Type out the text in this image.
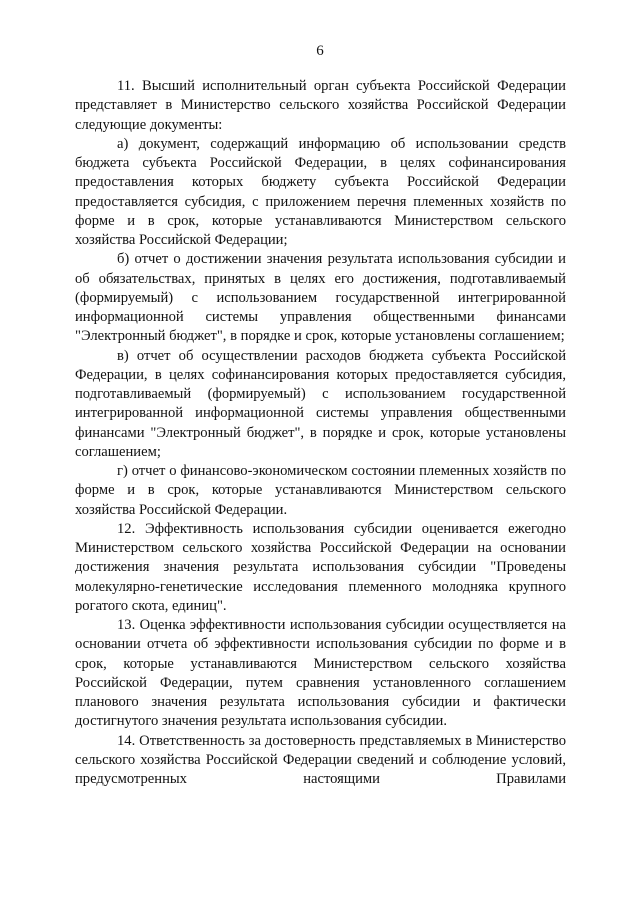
6

11. Высший исполнительный орган субъекта Российской Федерации представляет в Министерство сельского хозяйства Российской Федерации следующие документы:

а) документ, содержащий информацию об использовании средств бюджета субъекта Российской Федерации, в целях софинансирования предоставления которых бюджету субъекта Российской Федерации предоставляется субсидия, с приложением перечня племенных хозяйств по форме и в срок, которые устанавливаются Министерством сельского хозяйства Российской Федерации;

б) отчет о достижении значения результата использования субсидии и об обязательствах, принятых в целях его достижения, подготавливаемый (формируемый) с использованием государственной интегрированной информационной системы управления общественными финансами "Электронный бюджет", в порядке и срок, которые установлены соглашением;

в) отчет об осуществлении расходов бюджета субъекта Российской Федерации, в целях софинансирования которых предоставляется субсидия, подготавливаемый (формируемый) с использованием государственной интегрированной информационной системы управления общественными финансами "Электронный бюджет", в порядке и срок, которые установлены соглашением;

г) отчет о финансово-экономическом состоянии племенных хозяйств по форме и в срок, которые устанавливаются Министерством сельского хозяйства Российской Федерации.

12. Эффективность использования субсидии оценивается ежегодно Министерством сельского хозяйства Российской Федерации на основании достижения значения результата использования субсидии "Проведены молекулярно-генетические исследования племенного молодняка крупного рогатого скота, единиц".

13. Оценка эффективности использования субсидии осуществляется на основании отчета об эффективности использования субсидии по форме и в срок, которые устанавливаются Министерством сельского хозяйства Российской Федерации, путем сравнения установленного соглашением планового значения результата использования субсидии и фактически достигнутого значения результата использования субсидии.

14. Ответственность за достоверность представляемых в Министерство сельского хозяйства Российской Федерации сведений и соблюдение условий, предусмотренных настоящими Правилами
